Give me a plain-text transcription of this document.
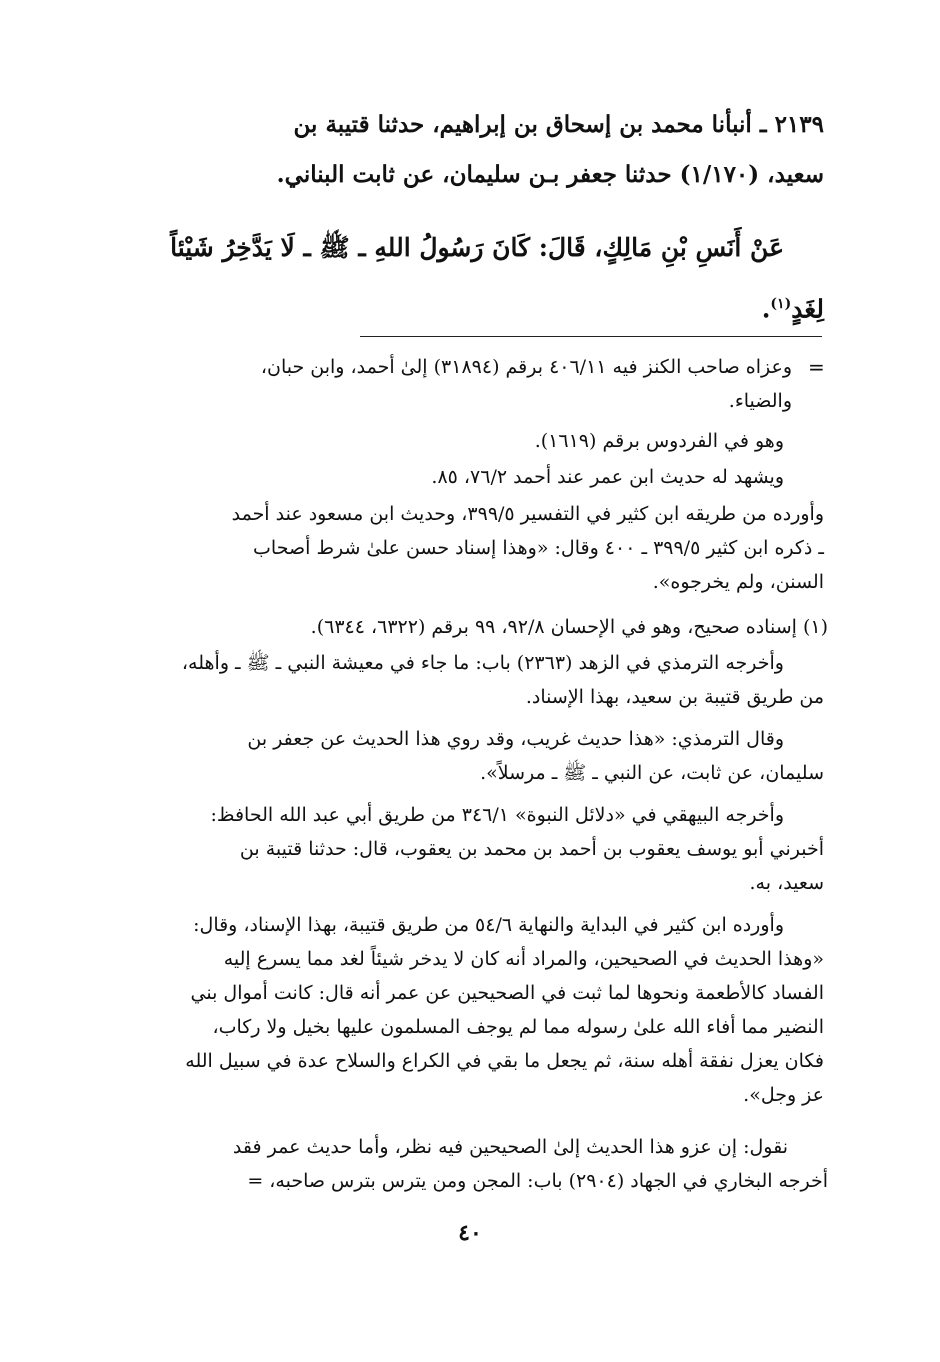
٢١٣٩ ـ أنبأنا محمد بن إسحاق بن إبراهيم، حدثنا قتيبة بن
سعيد، (١/١٧٠) حدثنا جعفر بـن سليمان، عن ثابت البناني.
عَنْ أَنَسِ بْنِ مَالِكٍ، قَالَ: كَانَ رَسُولُ اللهِ ـ ﷺ ـ لَا يَدَّخِرُ شَيْئاً
لِغَدٍ$^{(١)}$.
=
وعزاه صاحب الكنز فيه ٤٠٦/١١ برقم (٣١٨٩٤) إلىٰ أحمد، وابن حبان،
والضياء.
وهو في الفردوس برقم (١٦١٩).
ويشهد له حديث ابن عمر عند أحمد ٧٦/٢، ٨٥.
وأورده من طريقه ابن كثير في التفسير ٣٩٩/٥، وحديث ابن مسعود عند أحمد
ـ ذكره ابن كثير ٣٩٩/٥ ـ ٤٠٠ وقال: «وهذا إسناد حسن علىٰ شرط أصحاب
السنن، ولم يخرجوه».
(١) إسناده صحيح، وهو في الإحسان ٩٢/٨، ٩٩ برقم (٦٣٢٢، ٦٣٤٤).
وأخرجه الترمذي في الزهد (٢٣٦٣) باب: ما جاء في معيشة النبي ـ ﷺ ـ وأهله،
من طريق قتيبة بن سعيد، بهذا الإسناد.
وقال الترمذي: «هذا حديث غريب، وقد روي هذا الحديث عن جعفر بن
سليمان، عن ثابت، عن النبي ـ ﷺ ـ مرسلاً».
وأخرجه البيهقي في «دلائل النبوة» ٣٤٦/١ من طريق أبي عبد الله الحافظ:
أخبرني أبو يوسف يعقوب بن أحمد بن محمد بن يعقوب، قال: حدثنا قتيبة بن
سعيد، به.
وأورده ابن كثير في البداية والنهاية ٥٤/٦ من طريق قتيبة، بهذا الإسناد، وقال:
«وهذا الحديث في الصحيحين، والمراد أنه كان لا يدخر شيئاً لغد مما يسرع إليه
الفساد كالأطعمة ونحوها لما ثبت في الصحيحين عن عمر أنه قال: كانت أموال بني
النضير مما أفاء الله علىٰ رسوله مما لم يوجف المسلمون عليها بخيل ولا ركاب،
فكان يعزل نفقة أهله سنة، ثم يجعل ما بقي في الكراع والسلاح عدة في سبيل الله
عز وجل».
نقول: إن عزو هذا الحديث إلىٰ الصحيحين فيه نظر، وأما حديث عمر فقد
أخرجه البخاري في الجهاد (٢٩٠٤) باب: المجن ومن يترس بترس صاحبه، =
٤٠
